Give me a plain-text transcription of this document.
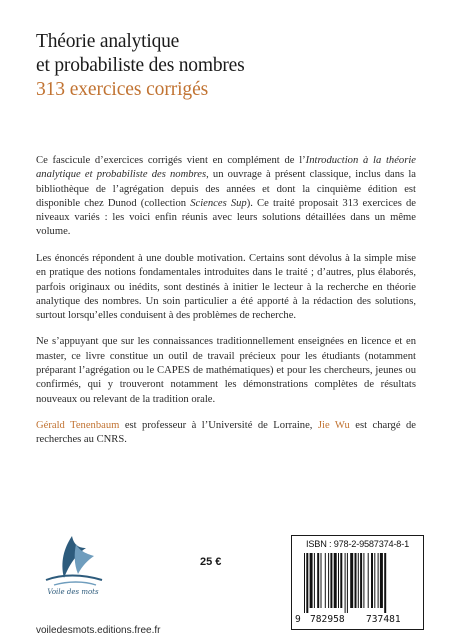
Théorie analytique
et probabiliste des nombres
313 exercices corrigés

Ce fascicule d’exercices corrigés vient en complément de l’Introduction à la théorie analytique et probabiliste des nombres, un ouvrage à présent classique, inclus dans la bibliothèque de l’agrégation depuis des années et dont la cinquième édition est disponible chez Dunod (collection Sciences Sup). Ce traité proposait 313 exercices de niveaux variés : les voici enfin réunis avec leurs solutions détaillées dans un même volume.

Les énoncés répondent à une double motivation. Certains sont dévolus à la simple mise en pratique des notions fondamentales introduites dans le traité ; d’autres, plus élaborés, parfois originaux ou inédits, sont destinés à initier le lecteur à la recherche en théorie analytique des nombres. Un soin particulier a été apporté à la rédaction des solutions, surtout lorsqu’elles conduisent à des problèmes de recherche.

Ne s’appuyant que sur les connaissances traditionnellement enseignées en licence et en master, ce livre constitue un outil de travail précieux pour les étudiants (notamment préparant l’agrégation ou le CAPES de mathématiques) et pour les chercheurs, jeunes ou confirmés, qui y trouveront notamment les démonstrations complètes de résultats nouveaux ou relevant de la tradition orale.

Gérald Tenenbaum est professeur à l’Université de Lorraine, Jie Wu est chargé de recherches au CNRS.

Voile des mots
25 €
voiledesmots.editions.free.fr
ISBN : 978-2-9587374-8-1
9 782958 737481
